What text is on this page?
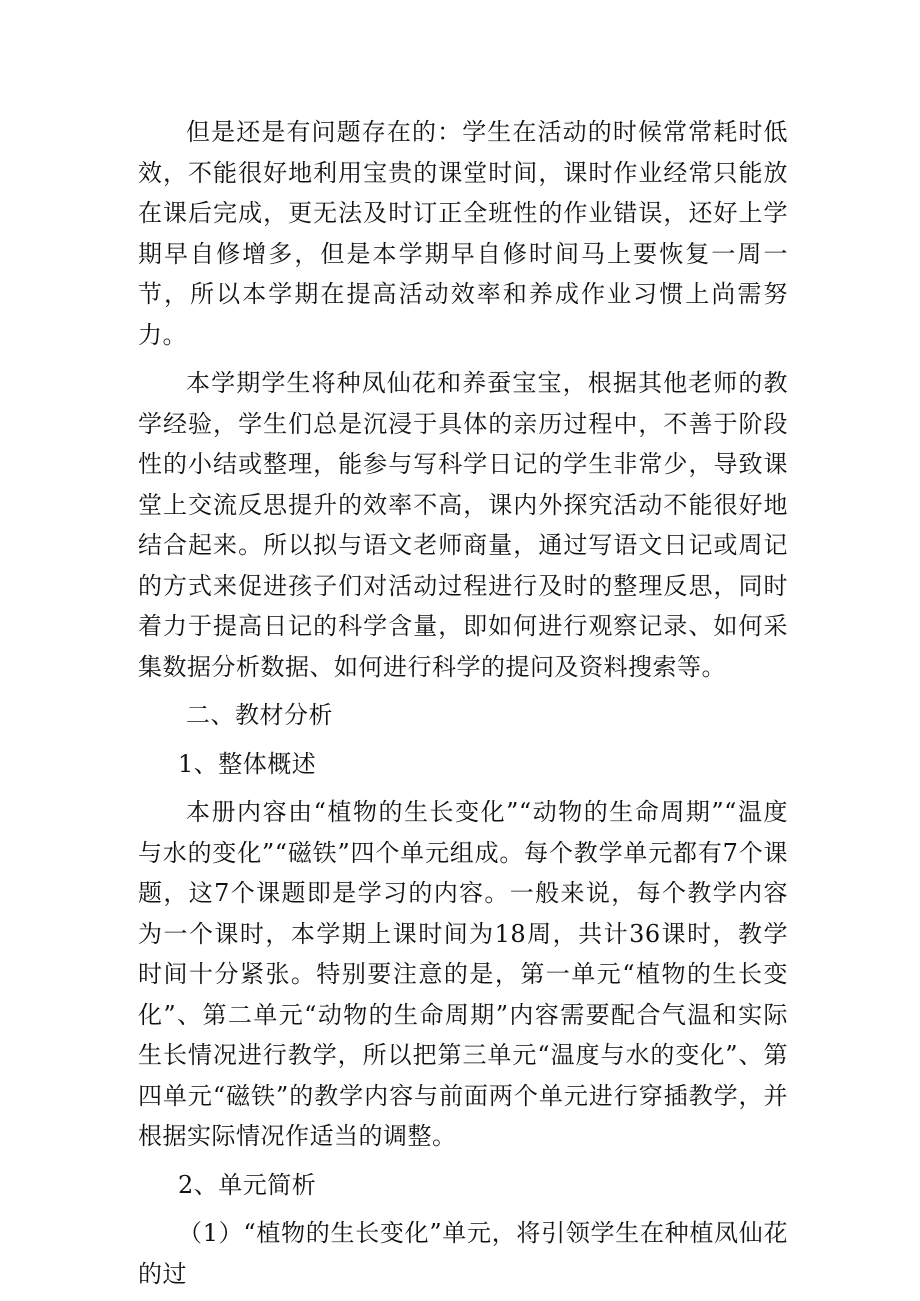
但是还是有问题存在的：学生在活动的时候常常耗时低效，不能很好地利用宝贵的课堂时间，课时作业经常只能放在课后完成，更无法及时订正全班性的作业错误，还好上学期早自修增多，但是本学期早自修时间马上要恢复一周一节，所以本学期在提高活动效率和养成作业习惯上尚需努力。

本学期学生将种凤仙花和养蚕宝宝，根据其他老师的教学经验，学生们总是沉浸于具体的亲历过程中，不善于阶段性的小结或整理，能参与写科学日记的学生非常少，导致课堂上交流反思提升的效率不高，课内外探究活动不能很好地结合起来。所以拟与语文老师商量，通过写语文日记或周记的方式来促进孩子们对活动过程进行及时的整理反思，同时着力于提高日记的科学含量，即如何进行观察记录、如何采集数据分析数据、如何进行科学的提问及资料搜索等。

二、教材分析

1、整体概述

本册内容由“植物的生长变化”“动物的生命周期”“温度与水的变化”“磁铁”四个单元组成。每个教学单元都有7个课题，这7个课题即是学习的内容。一般来说，每个教学内容为一个课时，本学期上课时间为18周，共计36课时，教学时间十分紧张。特别要注意的是，第一单元“植物的生长变化”、第二单元“动物的生命周期”内容需要配合气温和实际生长情况进行教学，所以把第三单元“温度与水的变化”、第四单元“磁铁”的教学内容与前面两个单元进行穿插教学，并根据实际情况作适当的调整。

2、单元简析

（1）“植物的生长变化”单元，将引领学生在种植凤仙花的过
